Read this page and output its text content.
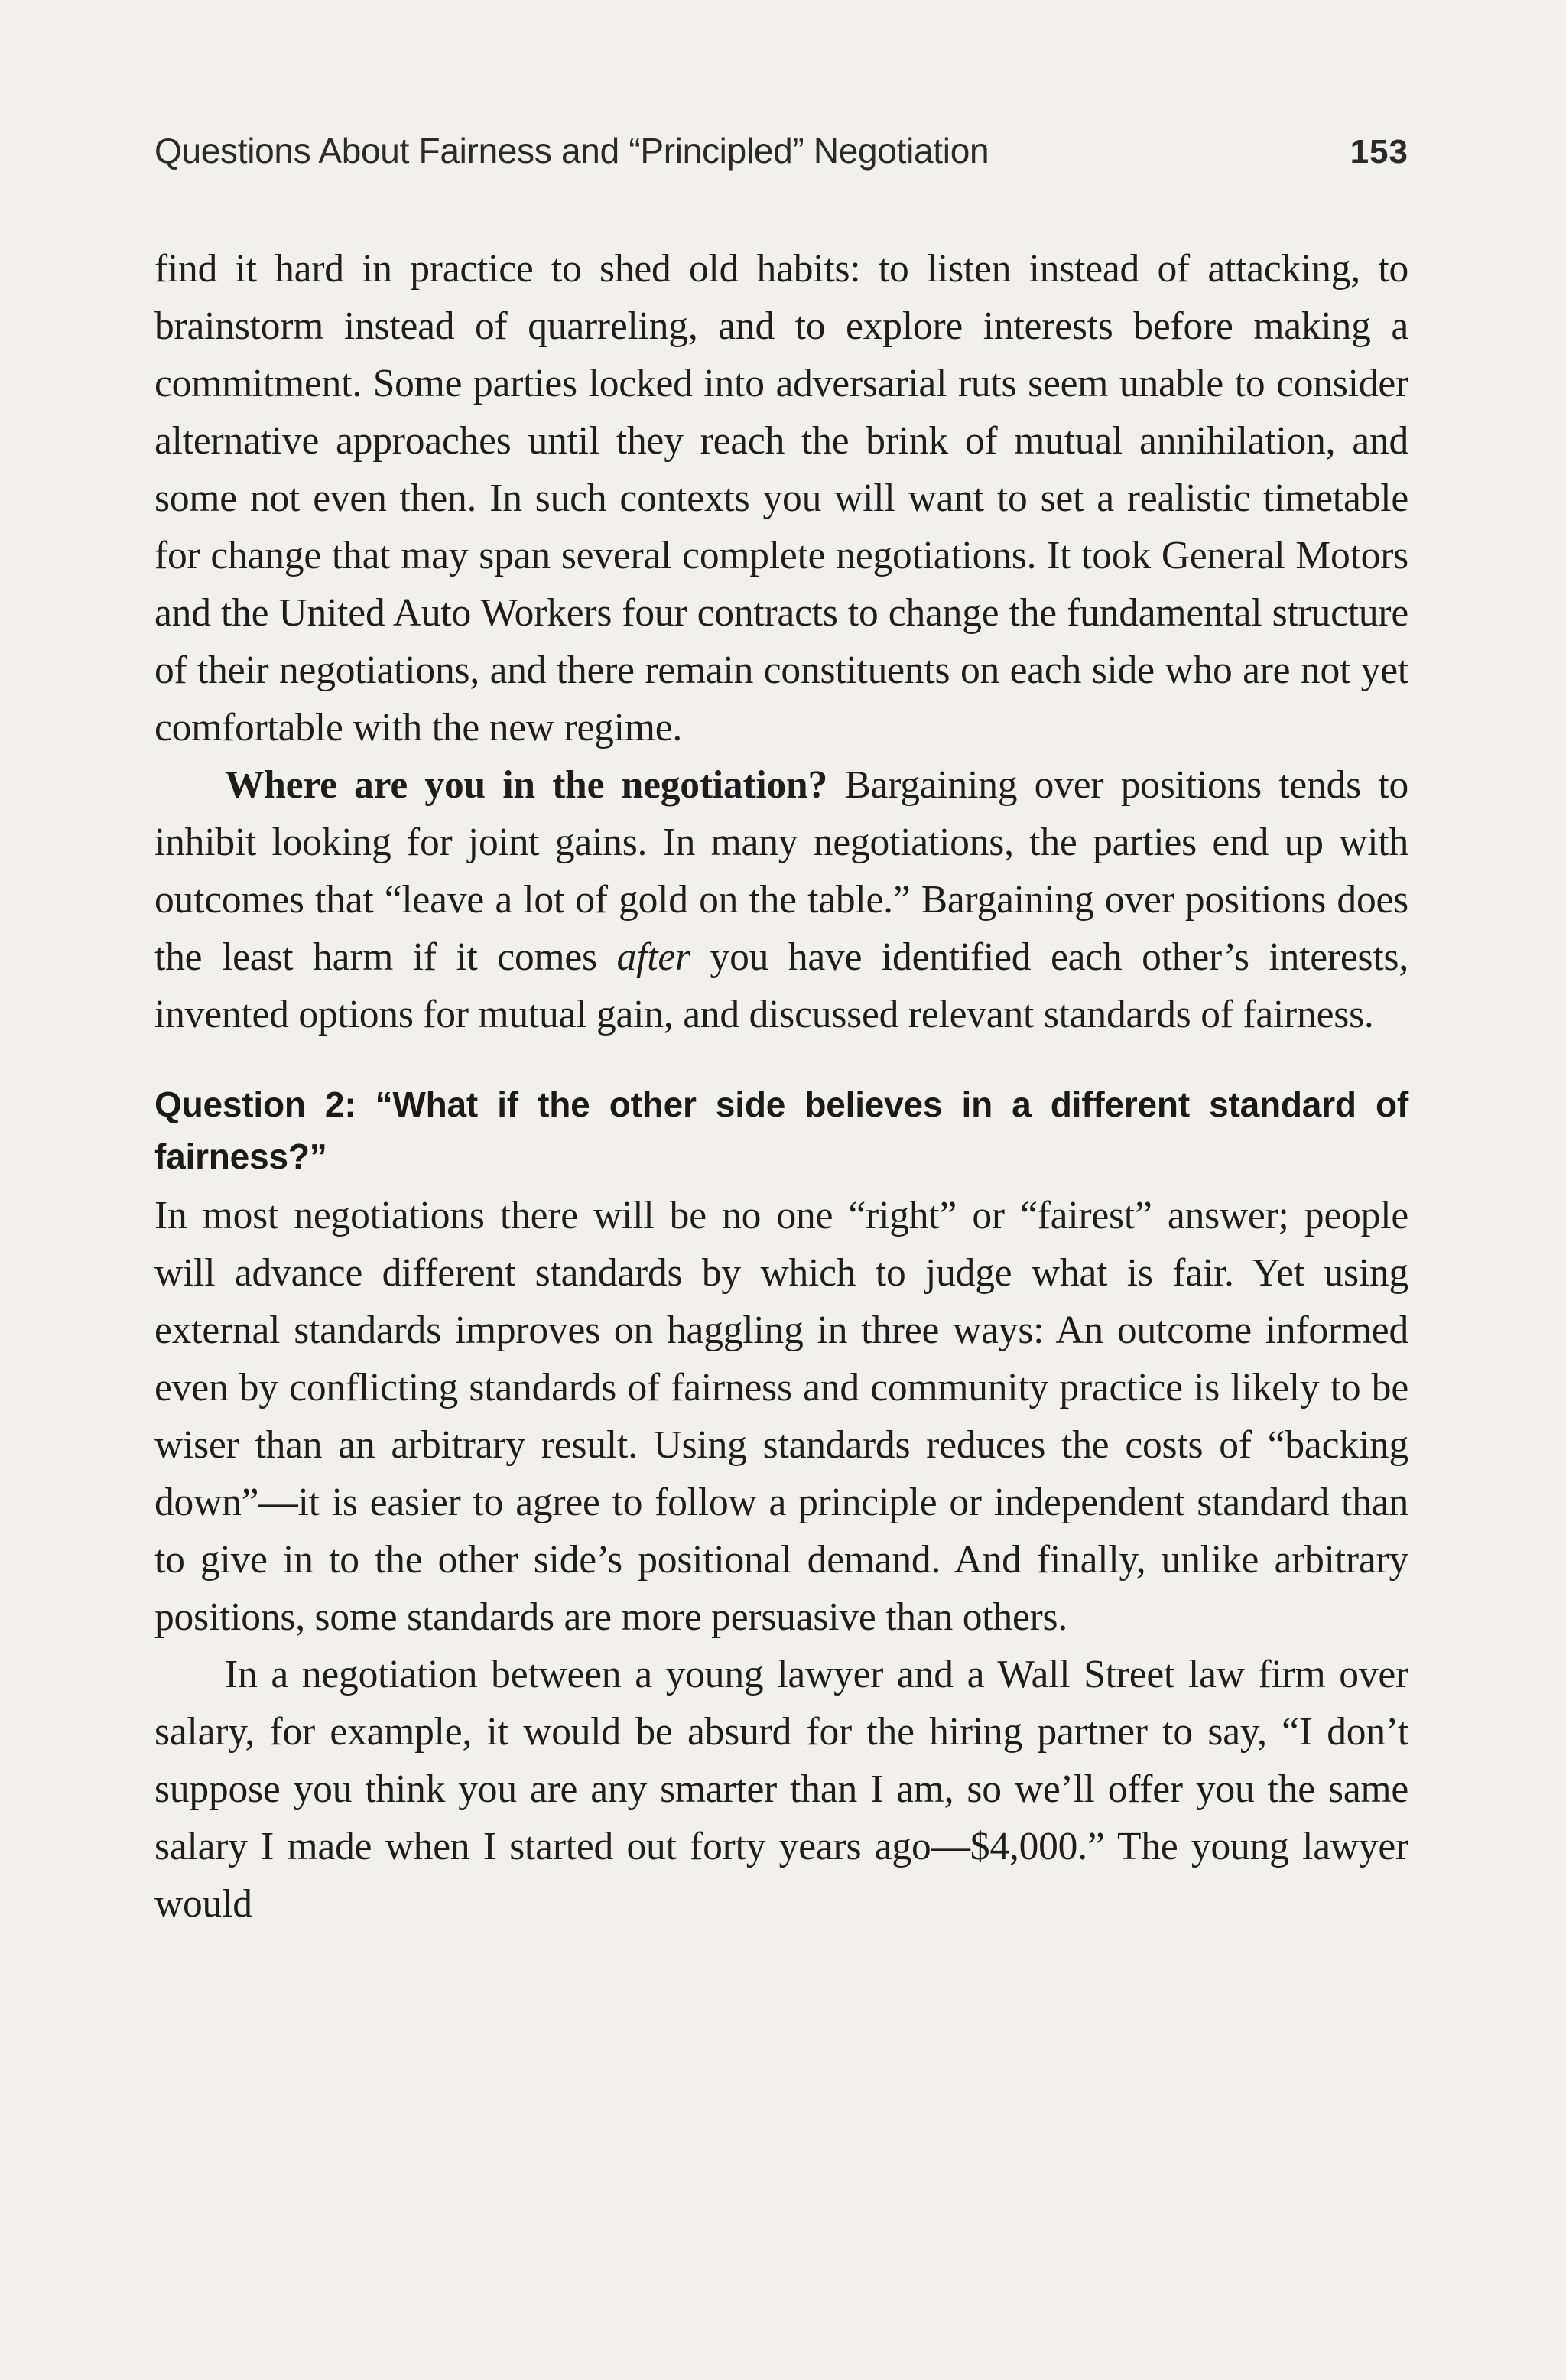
Questions About Fairness and “Principled” Negotiation	153

find it hard in practice to shed old habits: to listen instead of attacking, to brainstorm instead of quarreling, and to explore interests before making a commitment. Some parties locked into adversarial ruts seem unable to consider alternative approaches until they reach the brink of mutual annihilation, and some not even then. In such contexts you will want to set a realistic timetable for change that may span several complete negotiations. It took General Motors and the United Auto Workers four contracts to change the fundamental structure of their negotiations, and there remain constituents on each side who are not yet comfortable with the new regime.

Where are you in the negotiation? Bargaining over positions tends to inhibit looking for joint gains. In many negotiations, the parties end up with outcomes that “leave a lot of gold on the table.” Bargaining over positions does the least harm if it comes after you have identified each other’s interests, invented options for mutual gain, and discussed relevant standards of fairness.

Question 2: “What if the other side believes in a different standard of fairness?”

In most negotiations there will be no one “right” or “fairest” answer; people will advance different standards by which to judge what is fair. Yet using external standards improves on haggling in three ways: An outcome informed even by conflicting standards of fairness and community practice is likely to be wiser than an arbitrary result. Using standards reduces the costs of “backing down”—it is easier to agree to follow a principle or independent standard than to give in to the other side’s positional demand. And finally, unlike arbitrary positions, some standards are more persuasive than others.

In a negotiation between a young lawyer and a Wall Street law firm over salary, for example, it would be absurd for the hiring partner to say, “I don’t suppose you think you are any smarter than I am, so we’ll offer you the same salary I made when I started out forty years ago—$4,000.” The young lawyer would
